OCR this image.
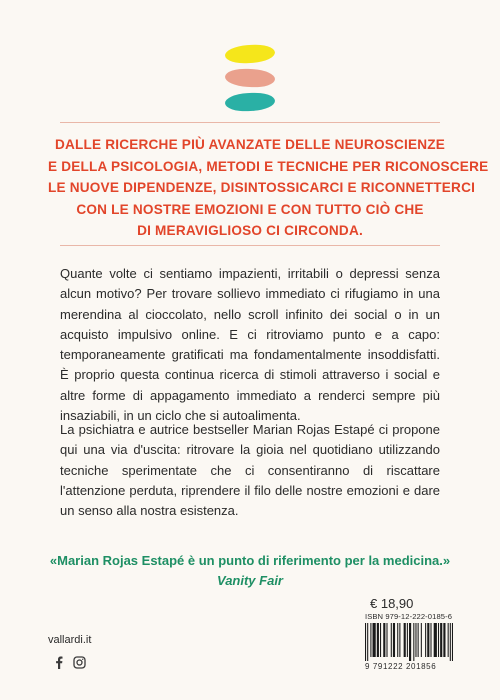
DALLE RICERCHE PIÙ AVANZATE DELLE NEUROSCIENZE
E DELLA PSICOLOGIA, METODI E TECNICHE PER RICONOSCERE
LE NUOVE DIPENDENZE, DISINTOSSICARCI E RICONNETTERCI
CON LE NOSTRE EMOZIONI E CON TUTTO CIÒ CHE
DI MERAVIGLIOSO CI CIRCONDA.

Quante volte ci sentiamo impazienti, irritabili o depressi senza alcun motivo? Per trovare sollievo immediato ci rifugiamo in una merendina al cioccolato, nello scroll infinito dei social o in un acquisto impulsivo online. E ci ritroviamo punto e a capo: temporaneamente gratificati ma fondamentalmente insoddisfatti. È proprio questa continua ricerca di stimoli attraverso i social e altre forme di appagamento immediato a renderci sempre più insaziabili, in un ciclo che si autoalimenta.

La psichiatra e autrice bestseller Marian Rojas Estapé ci propone qui una via d'uscita: ritrovare la gioia nel quotidiano utilizzando tecniche sperimentate che ci consentiranno di riscattare l'attenzione perduta, riprendere il filo delle nostre emozioni e dare un senso alla nostra esistenza.

«Marian Rojas Estapé è un punto di riferimento per la medicina.»
Vanity Fair
€ 18,90
ISBN 979-12-222-0185-6
9 791222 201856
vallardi.it
